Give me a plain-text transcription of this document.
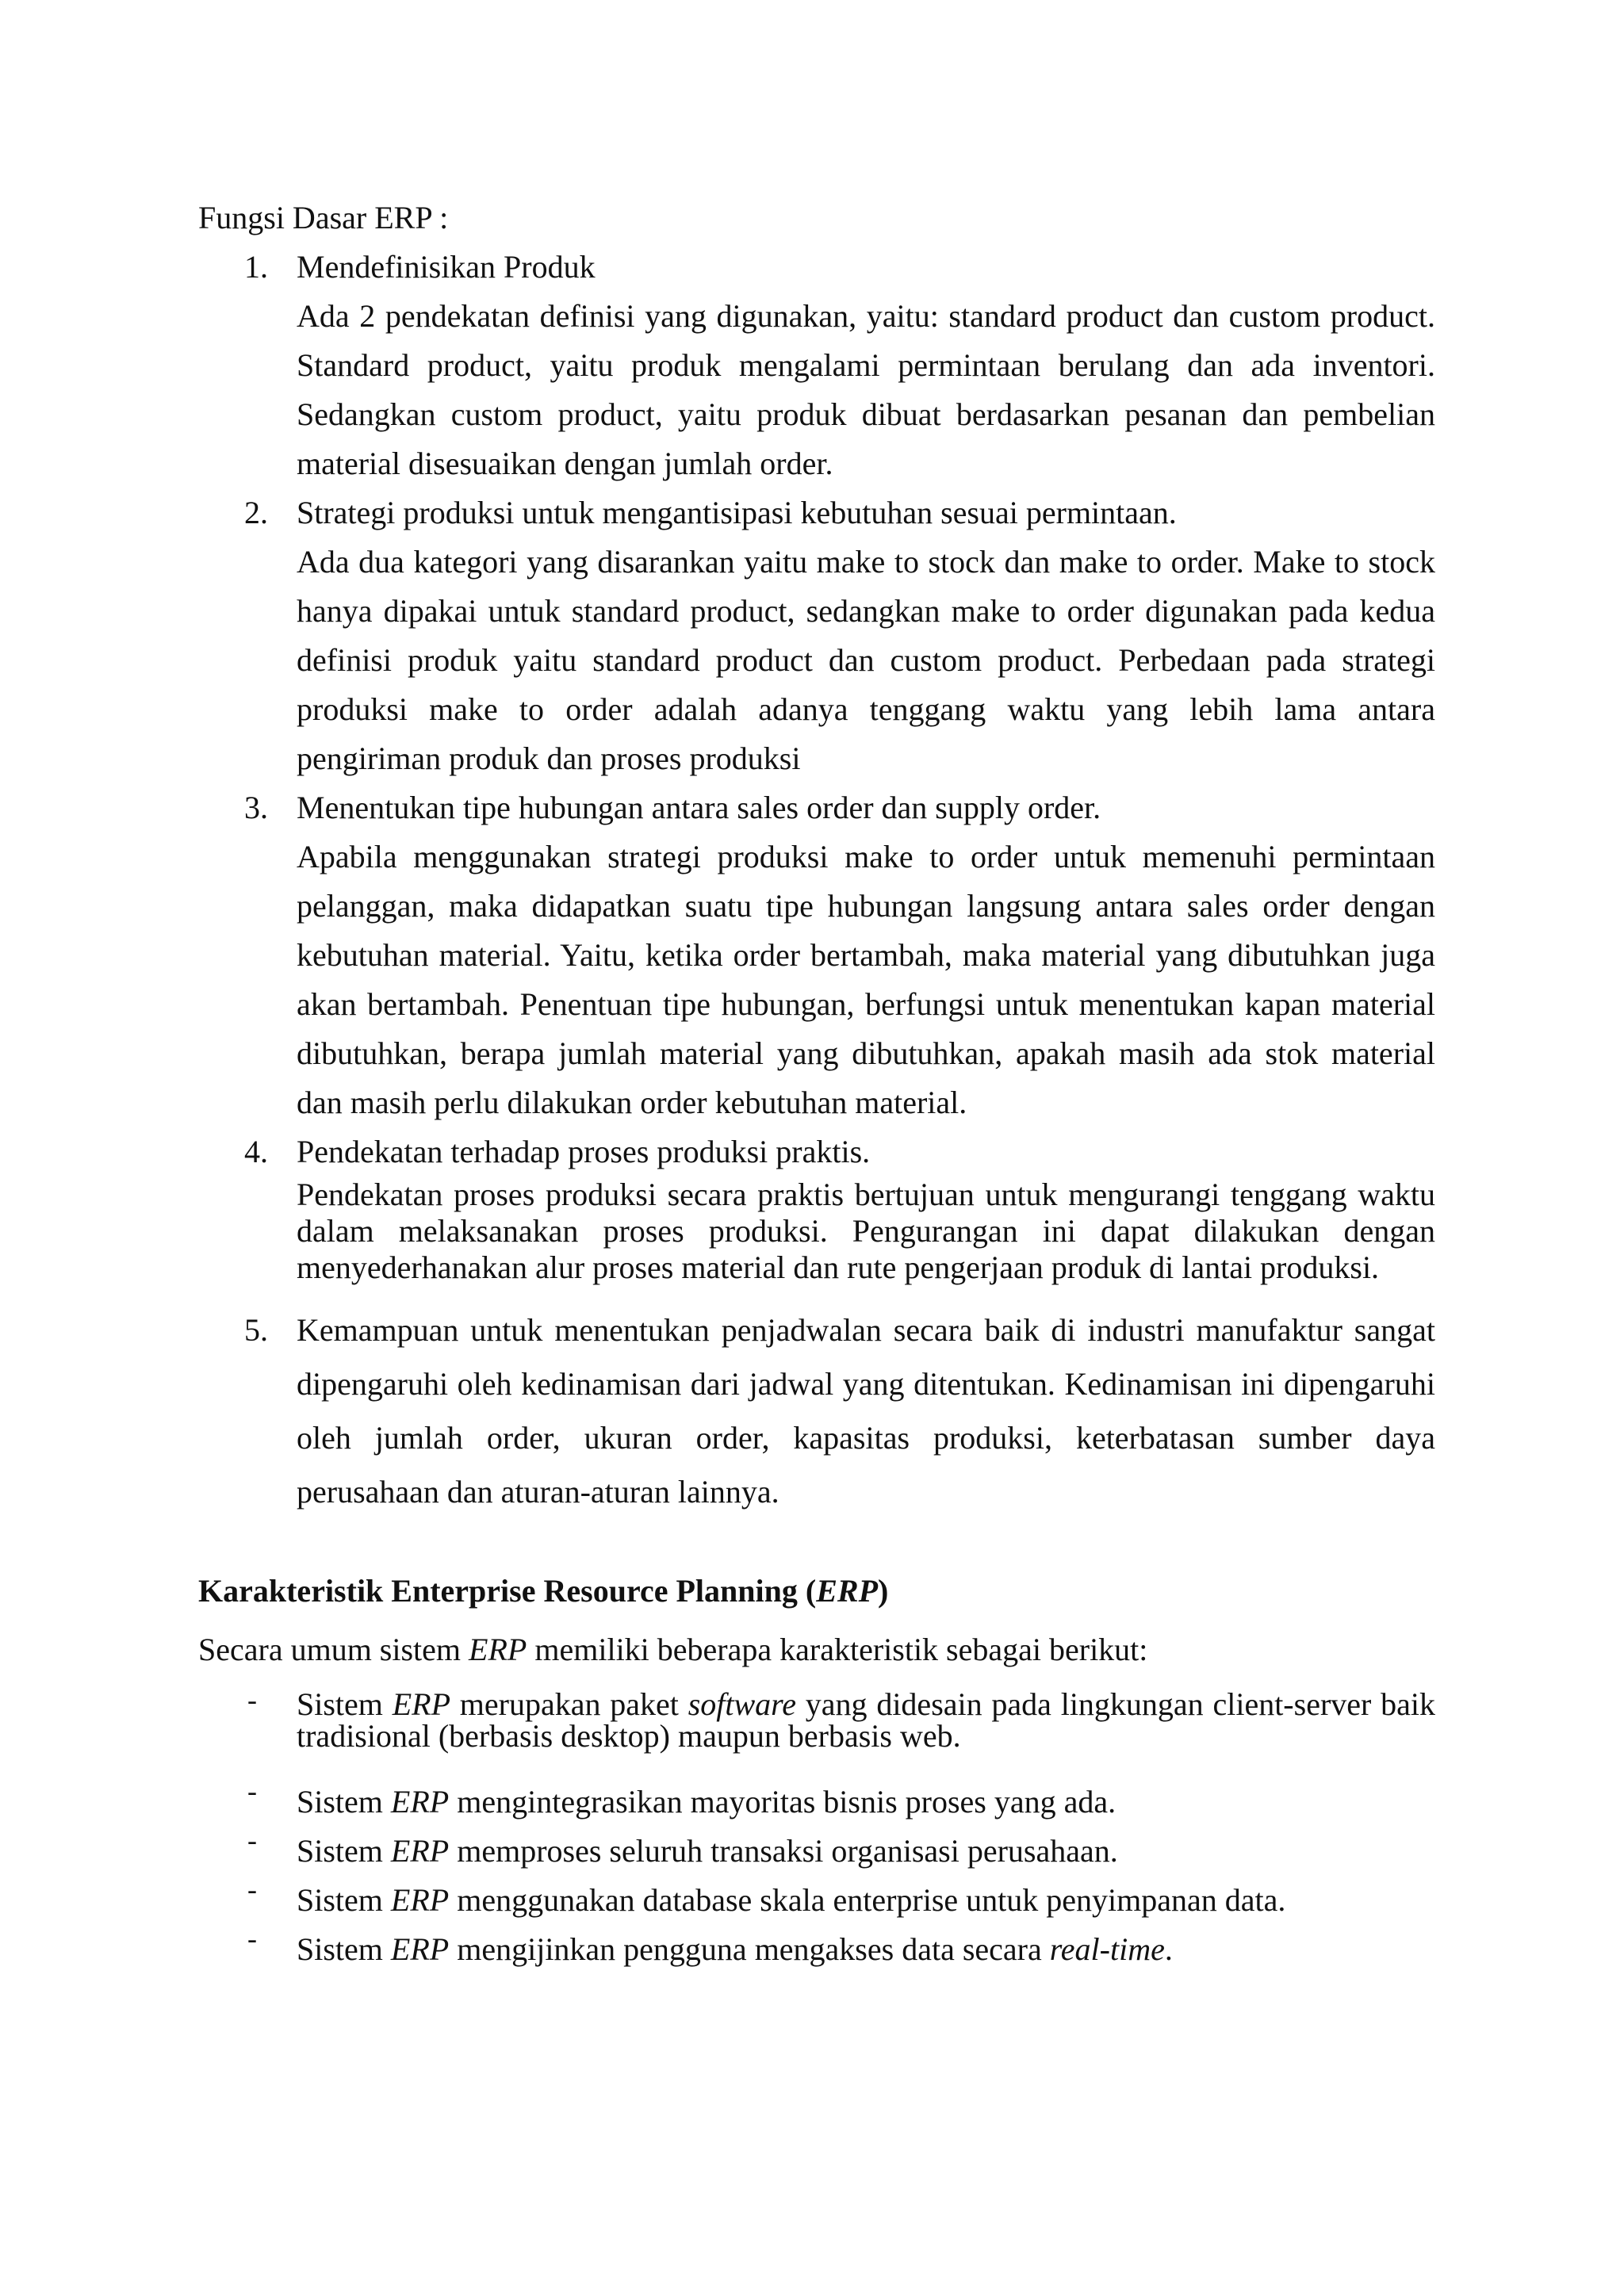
Fungsi Dasar ERP :

1. Mendefinisikan Produk

Ada 2 pendekatan definisi yang digunakan, yaitu: standard product dan custom product. Standard product, yaitu produk mengalami permintaan berulang dan ada inventori. Sedangkan custom product, yaitu produk dibuat berdasarkan pesanan dan pembelian material disesuaikan dengan jumlah order.

2. Strategi produksi untuk mengantisipasi kebutuhan sesuai permintaan.

Ada dua kategori yang disarankan yaitu make to stock dan make to order. Make to stock hanya dipakai untuk standard product, sedangkan make to order digunakan pada kedua definisi produk yaitu standard product dan custom product. Perbedaan pada strategi produksi make to order adalah adanya tenggang waktu yang lebih lama antara pengiriman produk dan proses produksi

3. Menentukan tipe hubungan antara sales order dan supply order.

Apabila menggunakan strategi produksi make to order untuk memenuhi permintaan pelanggan, maka didapatkan suatu tipe hubungan langsung antara sales order dengan kebutuhan material. Yaitu, ketika order bertambah, maka material yang dibutuhkan juga akan bertambah. Penentuan tipe hubungan, berfungsi untuk menentukan kapan material dibutuhkan, berapa jumlah material yang dibutuhkan, apakah masih ada stok material dan masih perlu dilakukan order kebutuhan material.

4. Pendekatan terhadap proses produksi praktis.

Pendekatan proses produksi secara praktis bertujuan untuk mengurangi tenggang waktu dalam melaksanakan proses produksi. Pengurangan ini dapat dilakukan dengan menyederhanakan alur proses material dan rute pengerjaan produk di lantai produksi.

5. Kemampuan untuk menentukan penjadwalan secara baik di industri manufaktur sangat dipengaruhi oleh kedinamisan dari jadwal yang ditentukan. Kedinamisan ini dipengaruhi oleh jumlah order, ukuran order, kapasitas produksi, keterbatasan sumber daya perusahaan dan aturan-aturan lainnya.

Karakteristik Enterprise Resource Planning (ERP)

Secara umum sistem ERP memiliki beberapa karakteristik sebagai berikut:

- Sistem ERP merupakan paket software yang didesain pada lingkungan client-server baik tradisional (berbasis desktop) maupun berbasis web.
- Sistem ERP mengintegrasikan mayoritas bisnis proses yang ada.
- Sistem ERP memproses seluruh transaksi organisasi perusahaan.
- Sistem ERP menggunakan database skala enterprise untuk penyimpanan data.
- Sistem ERP mengijinkan pengguna mengakses data secara real-time.
